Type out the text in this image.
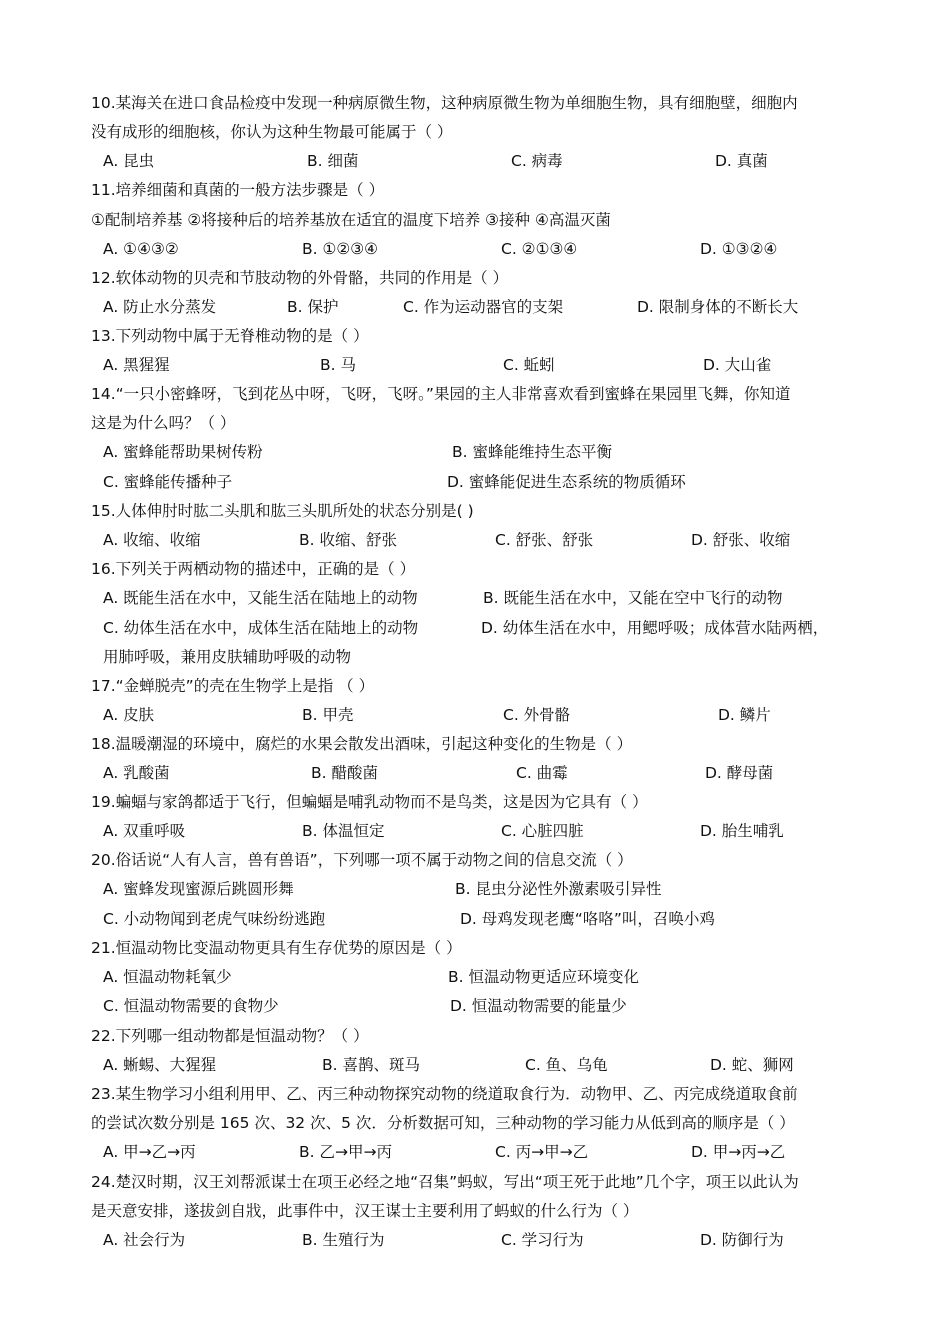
10.某海关在进口食品检疫中发现一种病原微生物，这种病原微生物为单细胞生物，具有细胞壁，细胞内
没有成形的细胞核，你认为这种生物最可能属于（ ）
A. 昆虫	B. 细菌	C. 病毒	D. 真菌
11.培养细菌和真菌的一般方法步骤是（ ）
①配制培养基 ②将接种后的培养基放在适宜的温度下培养 ③接种 ④高温灭菌
A. ①④③②	B. ①②③④	C. ②①③④	D. ①③②④
12.软体动物的贝壳和节肢动物的外骨骼，共同的作用是（ ）
A. 防止水分蒸发	B. 保护	C. 作为运动器官的支架	D. 限制身体的不断长大
13.下列动物中属于无脊椎动物的是（ ）
A. 黑猩猩	B. 马	C. 蚯蚓	D. 大山雀
14.“一只小密蜂呀，飞到花丛中呀，飞呀，飞呀。”果园的主人非常喜欢看到蜜蜂在果园里飞舞，你知道
这是为什么吗？（ ）
A. 蜜蜂能帮助果树传粉	B. 蜜蜂能维持生态平衡
C. 蜜蜂能传播种子	D. 蜜蜂能促进生态系统的物质循环
15.人体伸肘时肱二头肌和肱三头肌所处的状态分别是( )
A. 收缩、收缩	B. 收缩、舒张	C. 舒张、舒张	D. 舒张、收缩
16.下列关于两栖动物的描述中，正确的是（ ）
A. 既能生活在水中，又能生活在陆地上的动物	B. 既能生活在水中，又能在空中飞行的动物
C. 幼体生活在水中，成体生活在陆地上的动物	D. 幼体生活在水中，用鳃呼吸；成体营水陆两栖，
用肺呼吸，兼用皮肤辅助呼吸的动物
17.“金蝉脱壳”的壳在生物学上是指 （ ）
A. 皮肤	B. 甲壳	C. 外骨骼	D. 鳞片
18.温暖潮湿的环境中，腐烂的水果会散发出酒味，引起这种变化的生物是（ ）
A. 乳酸菌	B. 醋酸菌	C. 曲霉	D. 酵母菌
19.蝙蝠与家鸽都适于飞行，但蝙蝠是哺乳动物而不是鸟类，这是因为它具有（ ）
A. 双重呼吸	B. 体温恒定	C. 心脏四脏	D. 胎生哺乳
20.俗话说“人有人言，兽有兽语”，下列哪一项不属于动物之间的信息交流（ ）
A. 蜜蜂发现蜜源后跳圆形舞	B. 昆虫分泌性外激素吸引异性
C. 小动物闻到老虎气味纷纷逃跑	D. 母鸡发现老鹰“咯咯”叫，召唤小鸡
21.恒温动物比变温动物更具有生存优势的原因是（ ）
A. 恒温动物耗氧少	B. 恒温动物更适应环境变化
C. 恒温动物需要的食物少	D. 恒温动物需要的能量少
22.下列哪一组动物都是恒温动物？（ ）
A. 蜥蜴、大猩猩	B. 喜鹊、斑马	C. 鱼、乌龟	D. 蛇、狮网
23.某生物学习小组利用甲、乙、丙三种动物探究动物的绕道取食行为．动物甲、乙、丙完成绕道取食前
的尝试次数分别是 165 次、32 次、5 次．分析数据可知，三种动物的学习能力从低到高的顺序是（ ）
A. 甲→乙→丙	B. 乙→甲→丙	C. 丙→甲→乙	D. 甲→丙→乙
24.楚汉时期，汉王刘帮派谋士在项王必经之地“召集”蚂蚁，写出“项王死于此地”几个字，项王以此认为
是天意安排，遂拔剑自戕，此事件中，汉王谋士主要利用了蚂蚁的什么行为（ ）
A. 社会行为	B. 生殖行为	C. 学习行为	D. 防御行为
